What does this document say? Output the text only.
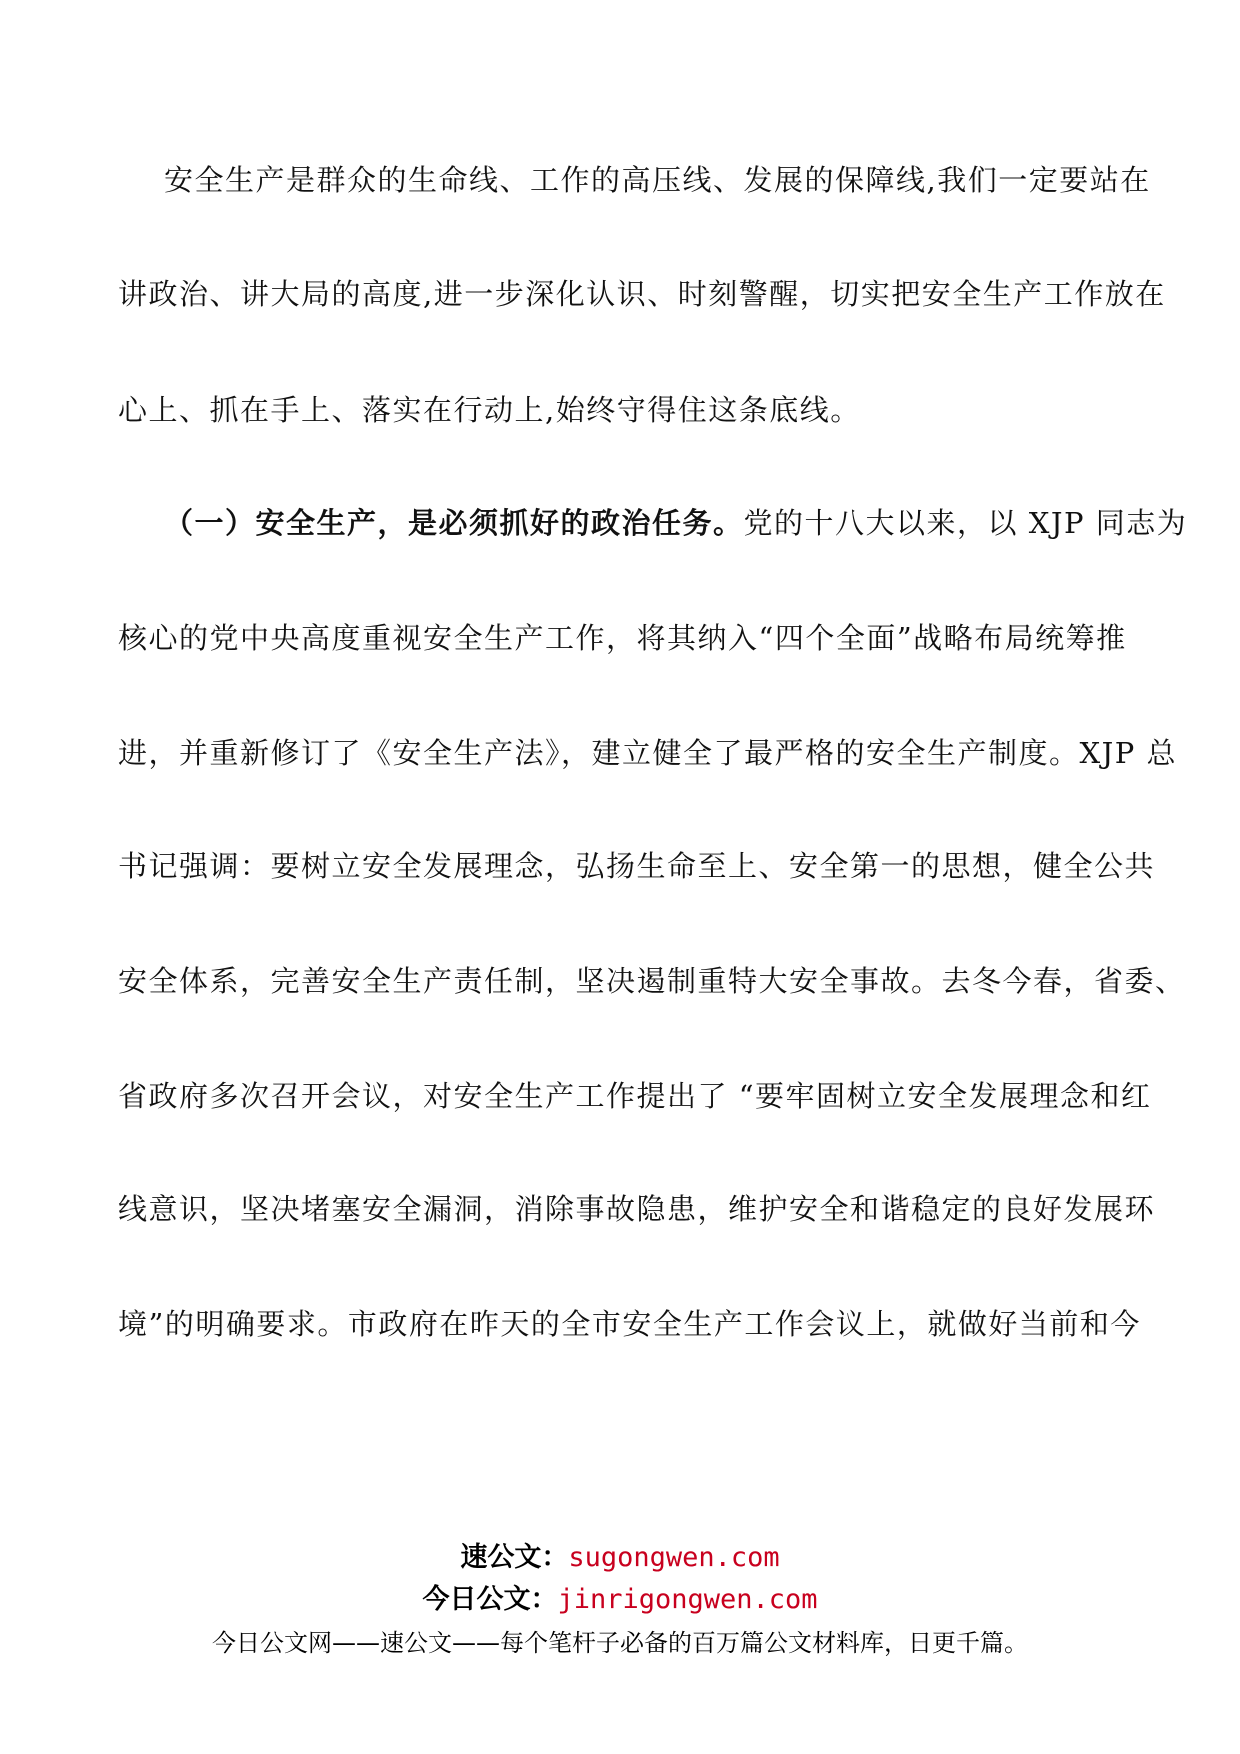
安全生产是群众的生命线、工作的高压线、发展的保障线,我们一定要站在
讲政治、讲大局的高度,进一步深化认识、时刻警醒，切实把安全生产工作放在
心上、抓在手上、落实在行动上,始终守得住这条底线。
（一）安全生产，是必须抓好的政治任务。党的十八大以来，以 XJP 同志为
核心的党中央高度重视安全生产工作，将其纳入“四个全面”战略布局统筹推
进，并重新修订了《安全生产法》，建立健全了最严格的安全生产制度。XJP 总
书记强调：要树立安全发展理念，弘扬生命至上、安全第一的思想，健全公共
安全体系，完善安全生产责任制，坚决遏制重特大安全事故。去冬今春，省委、
省政府多次召开会议，对安全生产工作提出了 “要牢固树立安全发展理念和红
线意识，坚决堵塞安全漏洞，消除事故隐患，维护安全和谐稳定的良好发展环
境”的明确要求。市政府在昨天的全市安全生产工作会议上，就做好当前和今
速公文：sugongwen.com
今日公文：jinrigongwen.com
今日公文网——速公文——每个笔杆子必备的百万篇公文材料库，日更千篇。
